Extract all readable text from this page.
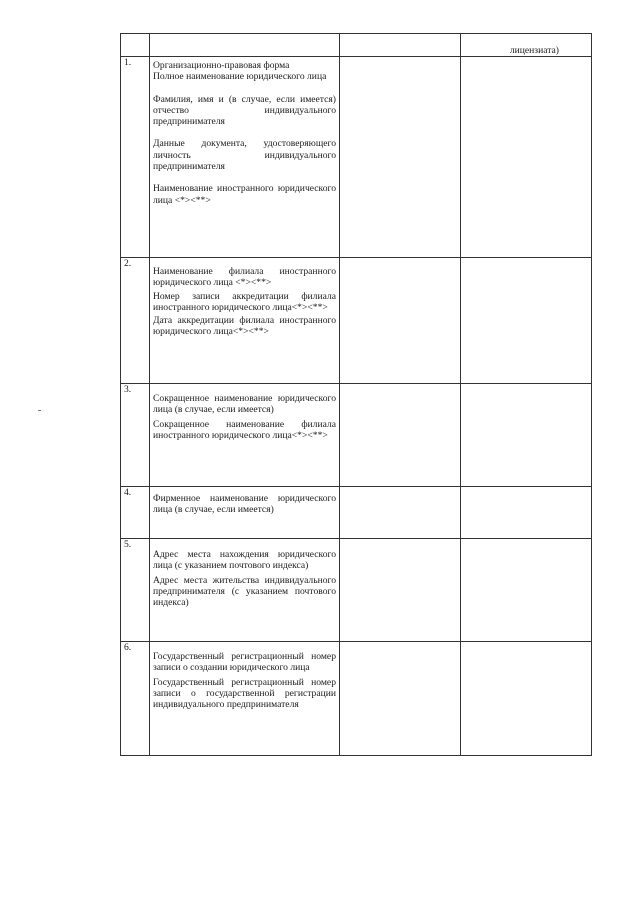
			лицензиата)
1.	Организационно-правовая форма

Полное наименование юридического лица

Фамилия, имя и (в случае, если имеется) отчество индивидуального предпринимателя

Данные документа, удостоверяющего личность индивидуального предпринимателя

Наименование иностранного юридического лица <*><**>		

2.	Наименование филиала иностранного юридического лица <*><**>

Номер записи аккредитации филиала иностранного юридического лица<*><**>

Дата аккредитации филиала иностранного юридического лица<*><**>		

3.	Сокращенное наименование юридического лица (в случае, если имеется)

Сокращенное наименование филиала иностранного юридического лица<*><**>		

4.	Фирменное наименование юридического лица (в случае, если имеется)		

5.	Адрес места нахождения юридического лица (с указанием почтового индекса)

Адрес места жительства индивидуального предпринимателя (с указанием почтового индекса)		

6.	Государственный регистрационный номер записи о создании юридического лица

Государственный регистрационный номер записи о государственной регистрации индивидуального предпринимателя		
